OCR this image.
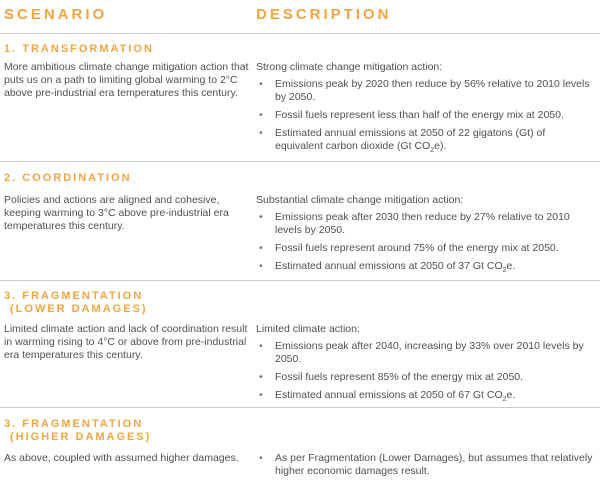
SCENARIO	DESCRIPTION
1. TRANSFORMATION
More ambitious climate change mitigation action that puts us on a path to limiting global warming to 2°C above pre-industrial era temperatures this century.

Strong climate change mitigation action:

• Emissions peak by 2020 then reduce by 56% relative to 2010 levels by 2050.
• Fossil fuels represent less than half of the energy mix at 2050.
• Estimated annual emissions at 2050 of 22 gigatons (Gt) of equivalent carbon dioxide (Gt $CO_2e$).
2. COORDINATION
Policies and actions are aligned and cohesive, keeping warming to 3°C above pre-industrial era temperatures this century.

Substantial climate change mitigation action:

• Emissions peak after 2030 then reduce by 27% relative to 2010 levels by 2050.
• Fossil fuels represent around 75% of the energy mix at 2050.
• Estimated annual emissions at 2050 of 37 Gt $CO_2e$.
3. FRAGMENTATION
(LOWER DAMAGES)
Limited climate action and lack of coordination result in warming rising to 4°C or above from pre-industrial era temperatures this century.

Limited climate action:

• Emissions peak after 2040, increasing by 33% over 2010 levels by 2050.
• Fossil fuels represent 85% of the energy mix at 2050.
• Estimated annual emissions at 2050 of 67 Gt $CO_2e$.
3. FRAGMENTATION
(HIGHER DAMAGES)
As above, coupled with assumed higher damages.	• As per Fragmentation (Lower Damages), but assumes that relatively higher economic damages result.
